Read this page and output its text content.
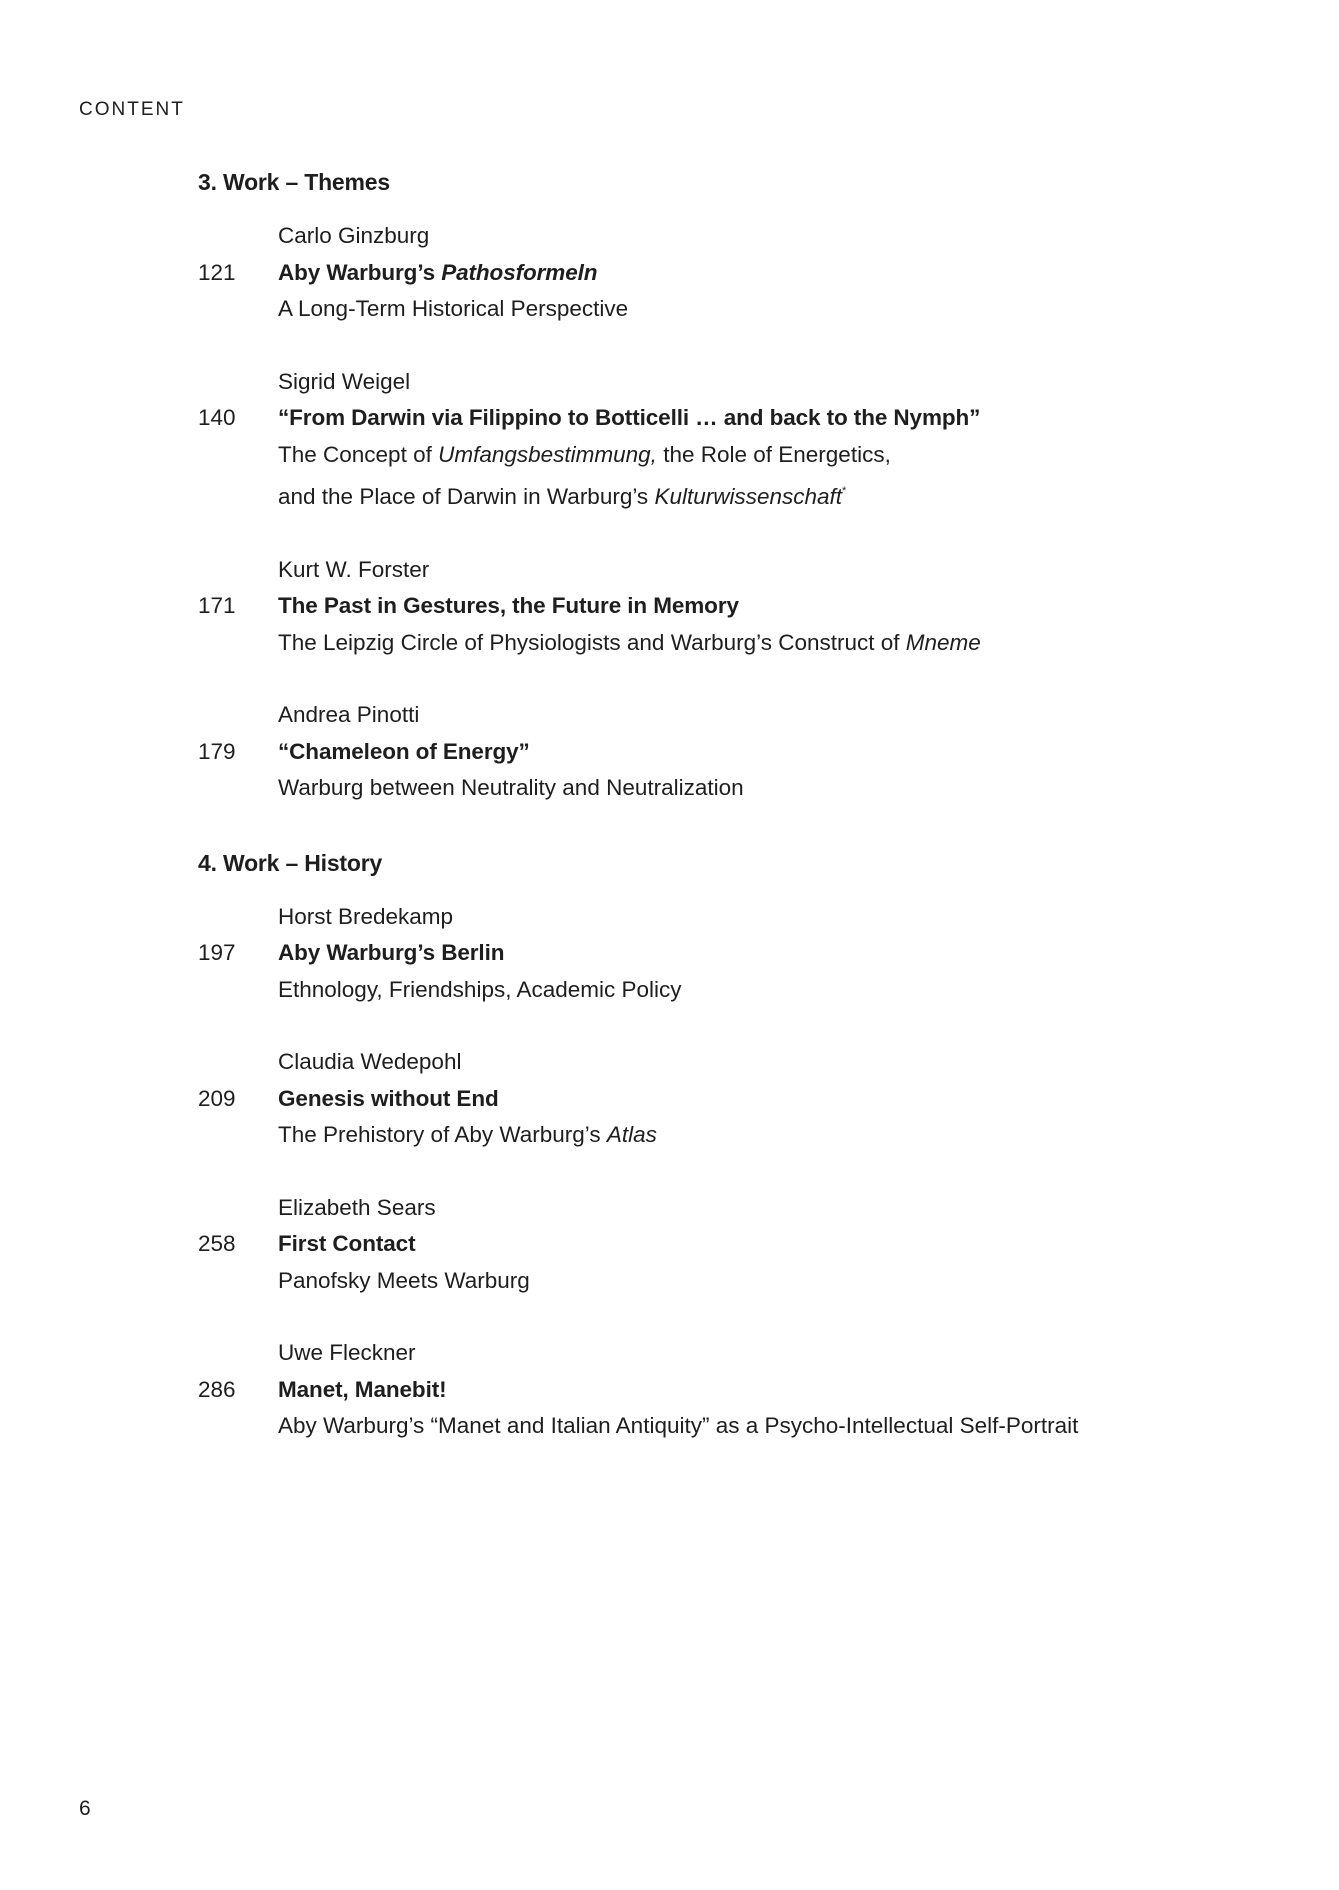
CONTENT
3. Work – Themes
Carlo Ginzburg
121	Aby Warburg’s Pathosformeln
A Long-Term Historical Perspective
Sigrid Weigel
140	“From Darwin via Filippino to Botticelli … and back to the Nymph”
The Concept of Umfangsbestimmung, the Role of Energetics,
and the Place of Darwin in Warburg’s Kulturwissenschaft*
Kurt W. Forster
171	The Past in Gestures, the Future in Memory
The Leipzig Circle of Physiologists and Warburg’s Construct of Mneme
Andrea Pinotti
179	“Chameleon of Energy”
Warburg between Neutrality and Neutralization
4. Work – History
Horst Bredekamp
197	Aby Warburg’s Berlin
Ethnology, Friendships, Academic Policy
Claudia Wedepohl
209	Genesis without End
The Prehistory of Aby Warburg’s Atlas
Elizabeth Sears
258	First Contact
Panofsky Meets Warburg
Uwe Fleckner
286	Manet, Manebit!
Aby Warburg’s “Manet and Italian Antiquity” as a Psycho-Intellectual Self-Portrait
6
